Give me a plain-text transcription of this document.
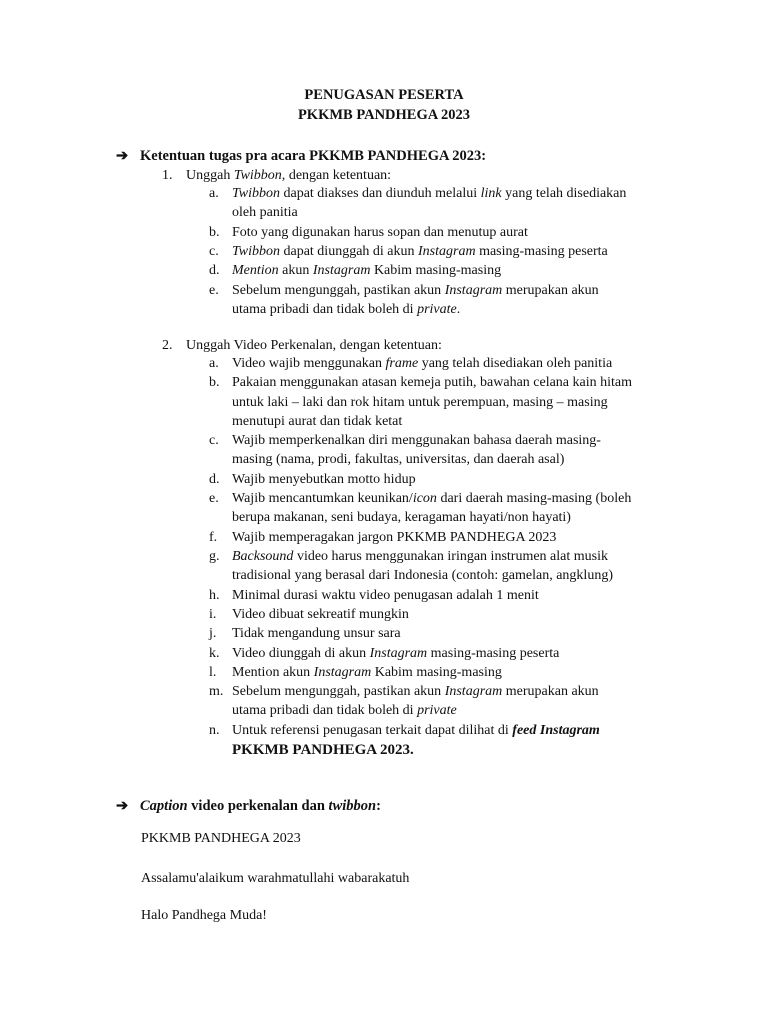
PENUGASAN PESERTA
PKKMB PANDHEGA 2023
➔ Ketentuan tugas pra acara PKKMB PANDHEGA 2023:
1. Unggah Twibbon, dengan ketentuan:
a. Twibbon dapat diakses dan diunduh melalui link yang telah disediakan
oleh panitia
b. Foto yang digunakan harus sopan dan menutup aurat
c. Twibbon dapat diunggah di akun Instagram masing-masing peserta
d. Mention akun Instagram Kabim masing-masing
e. Sebelum mengunggah, pastikan akun Instagram merupakan akun
utama pribadi dan tidak boleh di private.
2. Unggah Video Perkenalan, dengan ketentuan:
a. Video wajib menggunakan frame yang telah disediakan oleh panitia
b. Pakaian menggunakan atasan kemeja putih, bawahan celana kain hitam
untuk laki – laki dan rok hitam untuk perempuan, masing – masing
menutupi aurat dan tidak ketat
c. Wajib memperkenalkan diri menggunakan bahasa daerah masing-
masing (nama, prodi, fakultas, universitas, dan daerah asal)
d. Wajib menyebutkan motto hidup
e. Wajib mencantumkan keunikan/icon dari daerah masing-masing (boleh
berupa makanan, seni budaya, keragaman hayati/non hayati)
f. Wajib memperagakan jargon PKKMB PANDHEGA 2023
g. Backsound video harus menggunakan iringan instrumen alat musik
tradisional yang berasal dari Indonesia (contoh: gamelan, angklung)
h. Minimal durasi waktu video penugasan adalah 1 menit
i. Video dibuat sekreatif mungkin
j. Tidak mengandung unsur sara
k. Video diunggah di akun Instagram masing-masing peserta
l. Mention akun Instagram Kabim masing-masing
m. Sebelum mengunggah, pastikan akun Instagram merupakan akun
utama pribadi dan tidak boleh di private
n. Untuk referensi penugasan terkait dapat dilihat di feed Instagram
PKKMB PANDHEGA 2023.
➔ Caption video perkenalan dan twibbon:
PKKMB PANDHEGA 2023
Assalamu'alaikum warahmatullahi wabarakatuh
Halo Pandhega Muda!
